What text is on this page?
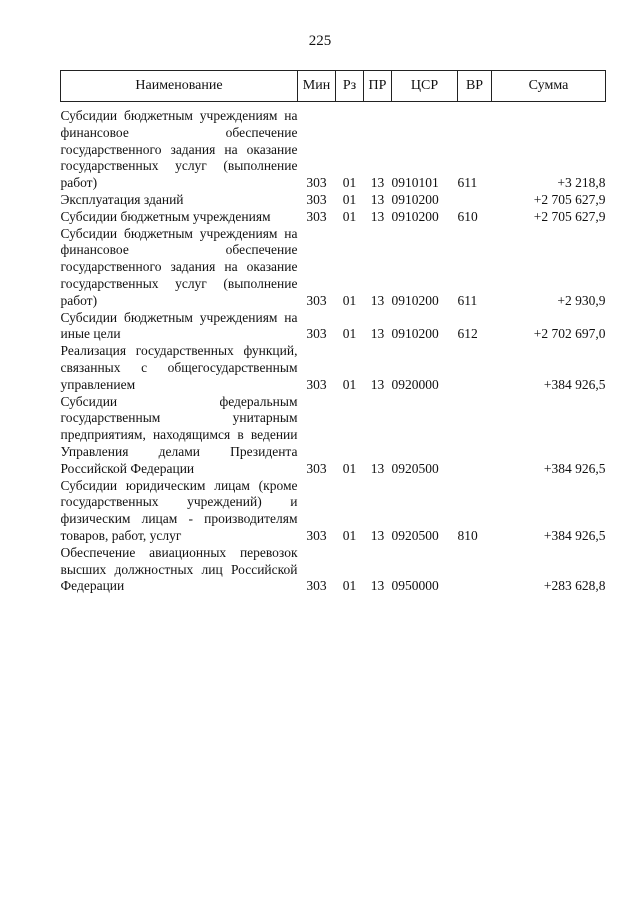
225
Наименование	Мин	Рз	ПР	ЦСР	ВР	Сумма
Субсидии бюджетным учреждениям на финансовое обеспечение государственного задания на оказание государственных услуг (выполнение работ)	303	01	13	0910101	611	+3 218,8
Эксплуатация зданий	303	01	13	0910200		+2 705 627,9
Субсидии бюджетным учреждениям	303	01	13	0910200	610	+2 705 627,9
Субсидии бюджетным учреждениям на финансовое обеспечение государственного задания на оказание государственных услуг (выполнение работ)	303	01	13	0910200	611	+2 930,9
Субсидии бюджетным учреждениям на иные цели	303	01	13	0910200	612	+2 702 697,0
Реализация государственных функций, связанных с общегосударственным управлением	303	01	13	0920000		+384 926,5
Субсидии федеральным государственным унитарным предприятиям, находящимся в ведении Управления делами Президента Российской Федерации	303	01	13	0920500		+384 926,5
Субсидии юридическим лицам (кроме государственных учреждений) и физическим лицам - производителям товаров, работ, услуг	303	01	13	0920500	810	+384 926,5
Обеспечение авиационных перевозок высших должностных лиц Российской Федерации	303	01	13	0950000		+283 628,8
